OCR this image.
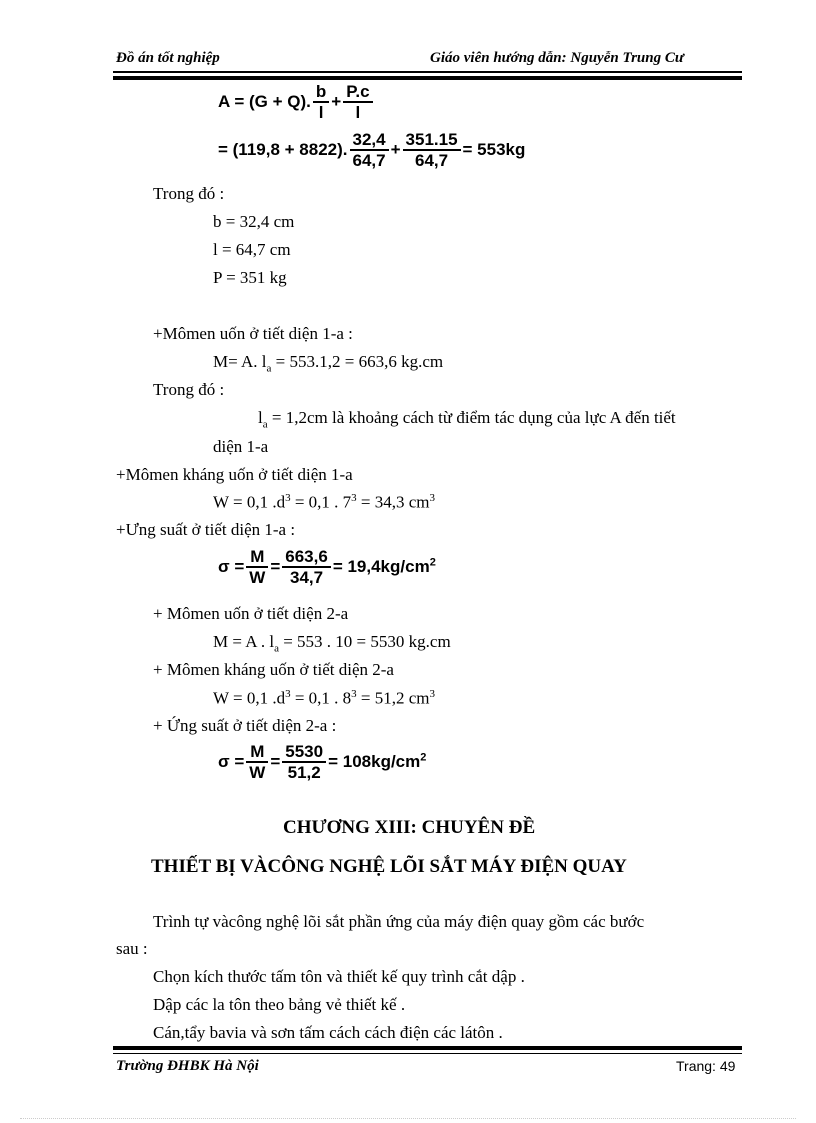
Đồ án tốt nghiệp	Giáo viên hướng dẫn: Nguyễn Trung Cư
A = (G + Q). $\frac{b}{l} + \frac{P.c}{l}$
= (119,8 + 8822). $\frac{32,4}{64,7} + \frac{351.15}{64,7} = 553kg$
Trong đó :
b = 32,4 cm
l = 64,7 cm
P = 351 kg
+Mômen uốn ở tiết diện 1-a :
M= A. $l_a = 553.1,2 = 663,6$ kg.cm
Trong đó :
$l_a = 1,2cm$ là khoảng cách từ điểm tác dụng của lực A đến tiết
diện 1-a
+Mômen kháng uốn ở tiết diện 1-a
W = 0,1 $.d^3 = 0,1$ . $7^3 = 34,3$ $cm^3$
+Ưng suất ở tiết diện 1-a :
$\sigma = \frac{M}{W} = \frac{663,6}{34,7} = 19,4kg/cm^2$
+ Mômen uốn ở tiết diện 2-a
M = A . $l_a = 553$ . 10 = 5530 kg.cm
+ Mômen kháng uốn ở tiết diện 2-a
W = 0,1 $.d^3 = 0,1$ . $8^3 = 51,2$ $cm^3$
+ Ứng suất ở tiết diện 2-a :
$\sigma = \frac{M}{W} = \frac{5530}{51,2} = 108kg/cm^2$
CHƯƠNG XIII: CHUYÊN ĐỀ
THIẾT BỊ VÀCÔNG NGHỆ LÕI SẮT MÁY ĐIỆN QUAY
Trình tự vàcông nghệ lõi sắt phần ứng của máy điện quay gồm các bước
sau :
Chọn kích thước tấm tôn và thiết kế quy trình cắt dập .
Dập các la tôn theo bảng vẻ thiết kế .
Cán,tẩy bavia và sơn tấm cách cách điện các látôn .
Trường ĐHBK Hà Nội	Trang: 49
